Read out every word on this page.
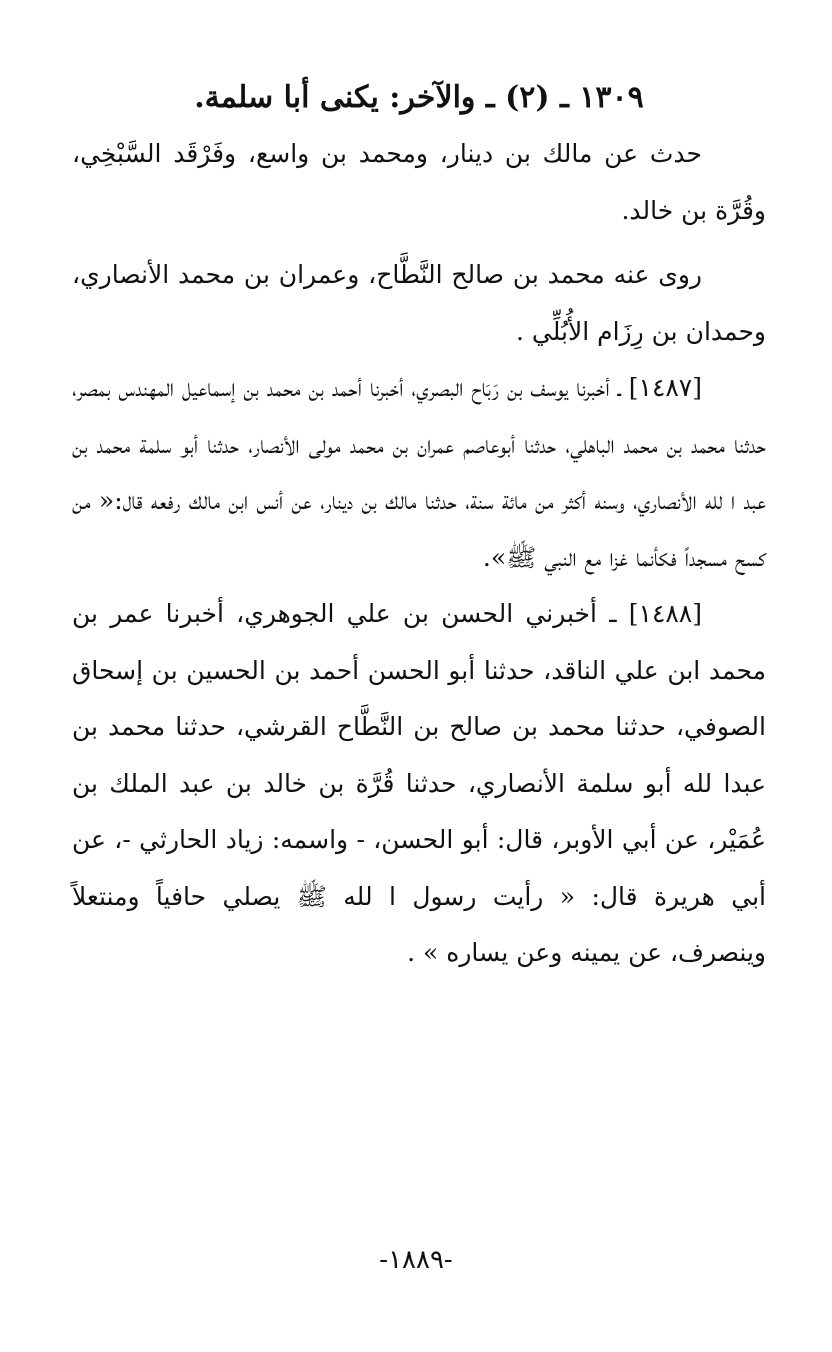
١٣٠٩ ـ (٢) ـ والآخر: يكنى أبا سلمة.

حدث عن مالك بن دينار، ومحمد بن واسع، وفَرْقَد السَّبْخِي، وقُرَّة بن خالد.

روى عنه محمد بن صالح النَّطَّاح، وعمران بن محمد الأنصاري، وحمدان بن رِزَام الأُبُلِّي .

[١٤٨٧] ـ أخبرنا يوسف بن رَبَاح البصري، أخبرنا أحمد بن محمد بن إسماعيل المهندس بمصر، حدثنا محمد بن محمد الباهلي، حدثنا أبوعاصم عمران بن محمد مولى الأنصار، حدثنا أبو سلمة محمد بن عبد ا لله الأنصاري، وسنه أكثر من مائة سنة، حدثنا مالك بن دينار، عن أنس ابن مالك رفعه قال:« من كسح مسجداً فكأنما غزا مع النبي ﷺ».

[١٤٨٨] ـ أخبرني الحسن بن علي الجوهري، أخبرنا عمر بن محمد ابن علي الناقد، حدثنا أبو الحسن أحمد بن الحسين بن إسحاق الصوفي، حدثنا محمد بن صالح بن النَّطَّاح القرشي، حدثنا محمد بن عبدا لله أبو سلمة الأنصاري، حدثنا قُرَّة بن خالد بن عبد الملك بن عُمَيْر، عن أبي الأوبر، قال: أبو الحسن، - واسمه: زياد الحارثي -، عن أبي هريرة قال: « رأيت رسول ا لله ﷺ يصلي حافياً ومنتعلاً وينصرف، عن يمينه وعن يساره » .

-١٨٨٩-
